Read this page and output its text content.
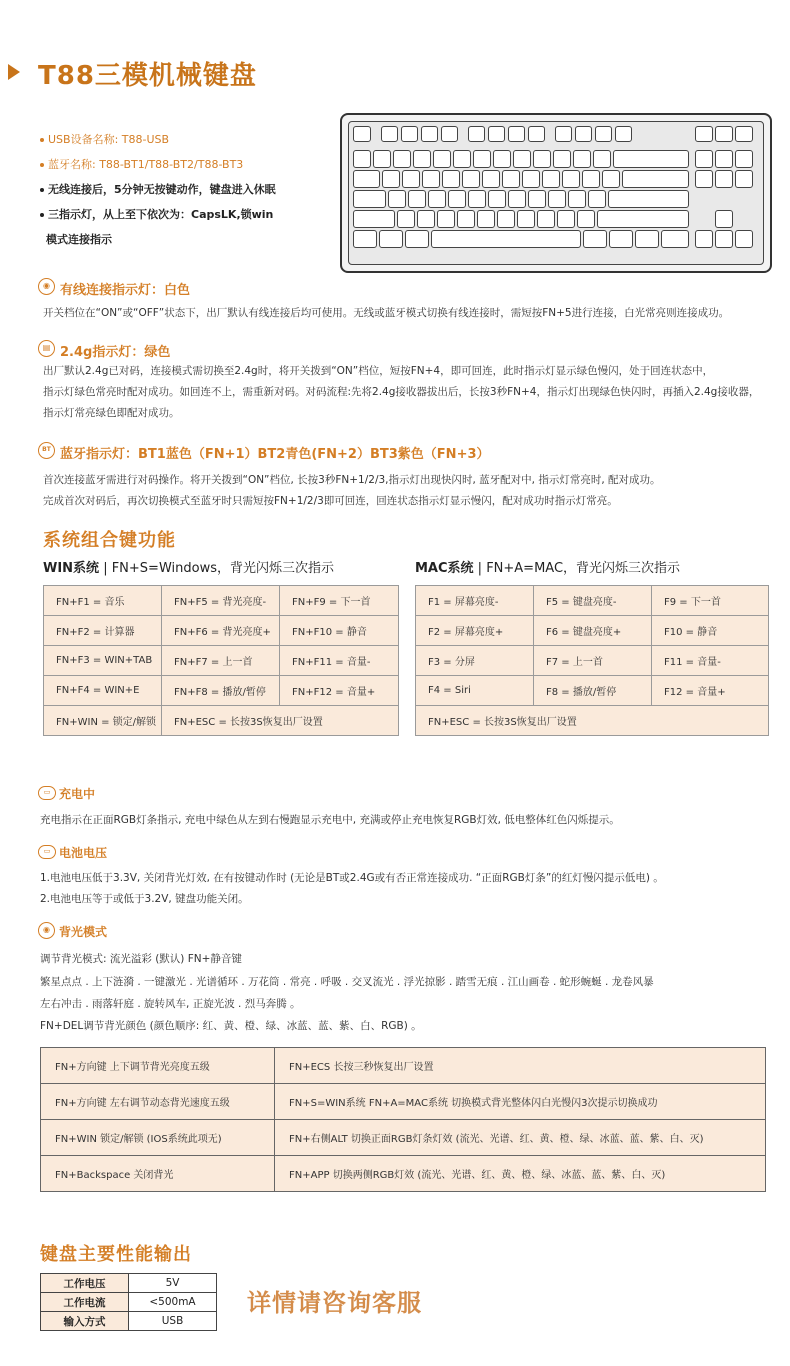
T88三模机械键盘
USB设备名称: T88-USB
蓝牙名称: T88-BT1/T88-BT2/T88-BT3
无线连接后，5分钟无按键动作，键盘进入休眠
三指示灯，从上至下依次为：CapsLK,锁win
模式连接指示
◉ 有线连接指示灯：白色
开关档位在“ON”或“OFF”状态下，出厂默认有线连接后均可使用。无线或蓝牙模式切换有线连接时，需短按FN+5进行连接，白光常亮则连接成功。
▤ 2.4g指示灯：绿色
出厂默认2.4g已对码，连接模式需切换至2.4g时，将开关拨到“ON”档位，短按FN+4，即可回连，此时指示灯显示绿色慢闪，处于回连状态中，
指示灯绿色常亮时配对成功。如回连不上，需重新对码。对码流程:先将2.4g接收器拔出后，长按3秒FN+4，指示灯出现绿色快闪时，再插入2.4g接收器，
指示灯常亮绿色即配对成功。
BT 蓝牙指示灯：BT1蓝色（FN+1）BT2青色(FN+2）BT3紫色（FN+3）
首次连接蓝牙需进行对码操作。将开关拨到“ON”档位, 长按3秒FN+1/2/3,指示灯出现快闪时, 蓝牙配对中, 指示灯常亮时, 配对成功。
完成首次对码后，再次切换模式至蓝牙时只需短按FN+1/2/3即可回连，回连状态指示灯显示慢闪，配对成功时指示灯常亮。
系统组合键功能
WIN系统 | FN+S=Windows，背光闪烁三次指示	MAC系统 | FN+A=MAC，背光闪烁三次指示
FN+F1 = 音乐	FN+F5 = 背光亮度-	FN+F9 = 下一首
FN+F2 = 计算器	FN+F6 = 背光亮度+	FN+F10 = 静音
FN+F3 = WIN+TAB	FN+F7 = 上一首	FN+F11 = 音量-
FN+F4 = WIN+E	FN+F8 = 播放/暂停	FN+F12 = 音量+
FN+WIN = 锁定/解锁	FN+ESC = 长按3S恢复出厂设置	
F1 = 屏幕亮度-	F5 = 键盘亮度-	F9 = 下一首
F2 = 屏幕亮度+	F6 = 键盘亮度+	F10 = 静音
F3 = 分屏	F7 = 上一首	F11 = 音量-
F4 = Siri	F8 = 播放/暂停	F12 = 音量+
FN+ESC = 长按3S恢复出厂设置		
▭ 充电中
充电指示在正面RGB灯条指示, 充电中绿色从左到右慢跑显示充电中, 充满或停止充电恢复RGB灯效, 低电整体红色闪烁提示。
▭ 电池电压
1.电池电压低于3.3V, 关闭背光灯效, 在有按键动作时 (无论是BT或2.4G或有否正常连接成功. “正面RGB灯条”的红灯慢闪提示低电) 。
2.电池电压等于或低于3.2V, 键盘功能关闭。
◉ 背光模式
调节背光模式: 流光溢彩 (默认) FN+静音键
繁星点点 . 上下涟漪 . 一键激光 . 光谱循环 . 万花筒 . 常亮 . 呼吸 . 交叉流光 . 浮光掠影 . 踏雪无痕 . 江山画卷 . 蛇形蜿蜒 . 龙卷风暴
左右冲击 . 雨落轩庭 . 旋转风车, 正旋光波 . 烈马奔腾 。
FN+DEL调节背光颜色 (颜色顺序: 红、黄、橙、绿、冰蓝、蓝、紫、白、RGB) 。
FN+方向键 上下调节背光亮度五级	FN+ECS 长按三秒恢复出厂设置
FN+方向键 左右调节动态背光速度五级	FN+S=WIN系统 FN+A=MAC系统 切换模式背光整体闪白光慢闪3次提示切换成功
FN+WIN 锁定/解锁 (IOS系统此项无)	FN+右侧ALT 切换正面RGB灯条灯效 (流光、光谱、红、黄、橙、绿、冰蓝、蓝、紫、白、灭)
FN+Backspace 关闭背光	FN+APP 切换两侧RGB灯效 (流光、光谱、红、黄、橙、绿、冰蓝、蓝、紫、白、灭)
键盘主要性能输出
工作电压	5V
工作电流	<500mA
输入方式	USB
详情请咨询客服
